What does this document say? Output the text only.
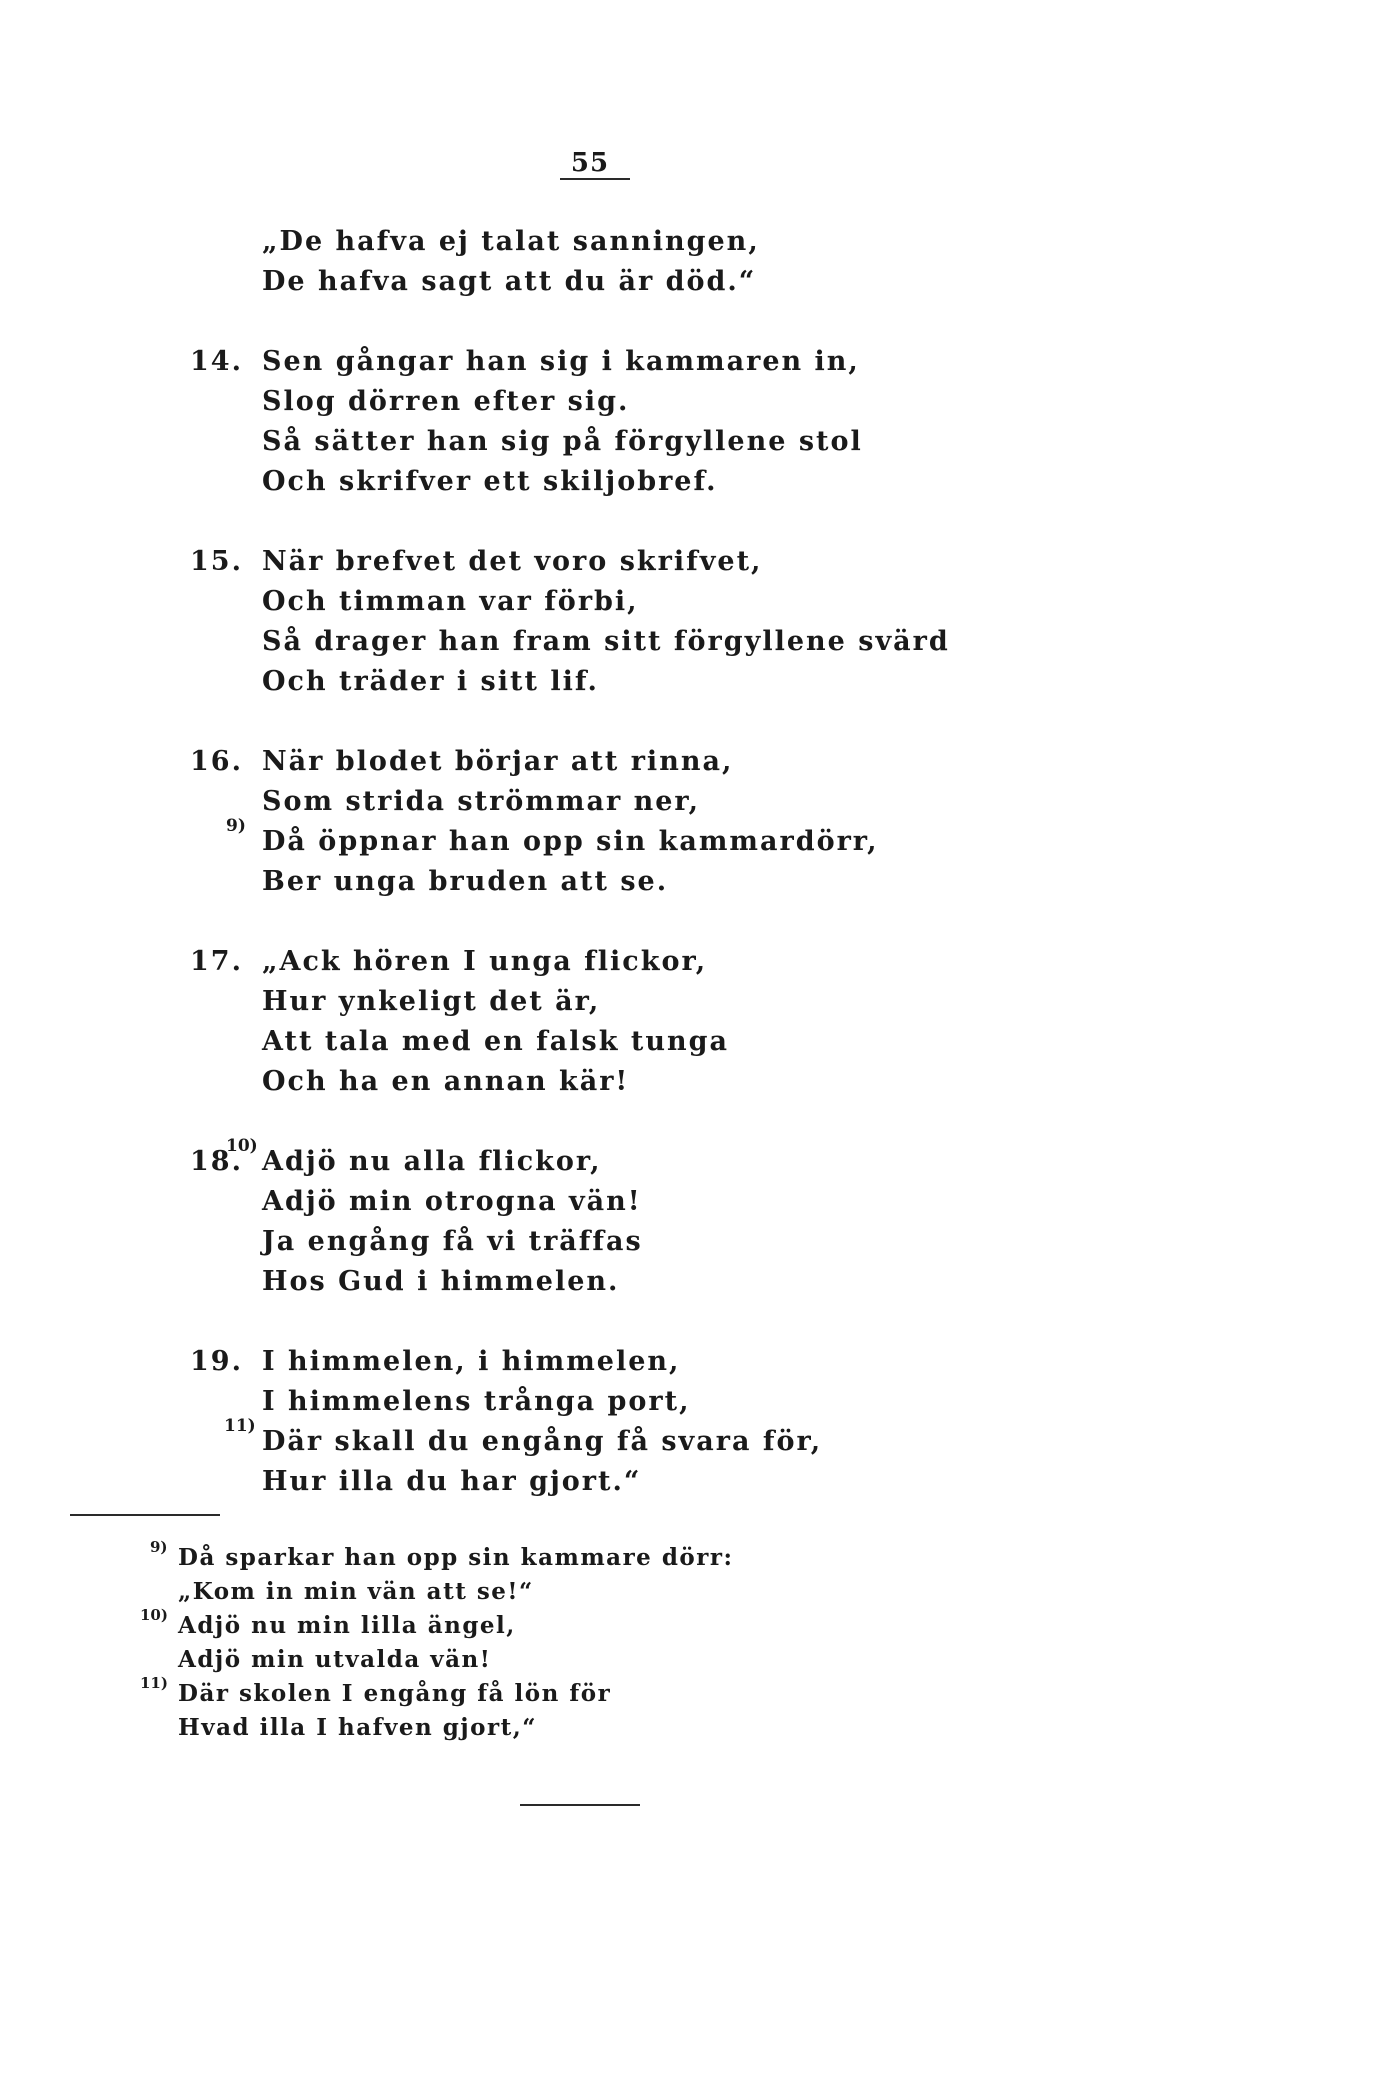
55
„De hafva ej talat sanningen,
De hafva sagt att du är död.“
14. Sen gångar han sig i kammaren in,
Slog dörren efter sig.
Så sätter han sig på förgyllene stol
Och skrifver ett skiljobref.
15. När brefvet det voro skrifvet,
Och timman var förbi,
Så drager han fram sitt förgyllene svärd
Och träder i sitt lif.
16. När blodet börjar att rinna,
Som strida strömmar ner,
9) Då öppnar han opp sin kammardörr,
Ber unga bruden att se.
17. „Ack hören I unga flickor,
Hur ynkeligt det är,
Att tala med en falsk tunga
Och ha en annan kär!
18.
10) Adjö nu alla flickor,
Adjö min otrogna vän!
Ja engång få vi träffas
Hos Gud i himmelen.
19. I himmelen, i himmelen,
I himmelens trånga port,
11) Där skall du engång få svara för,
Hur illa du har gjort.“
9) Då sparkar han opp sin kammare dörr:
„Kom in min vän att se!“
10) Adjö nu min lilla ängel,
Adjö min utvalda vän!
11) Där skolen I engång få lön för
Hvad illa I hafven gjort,“
